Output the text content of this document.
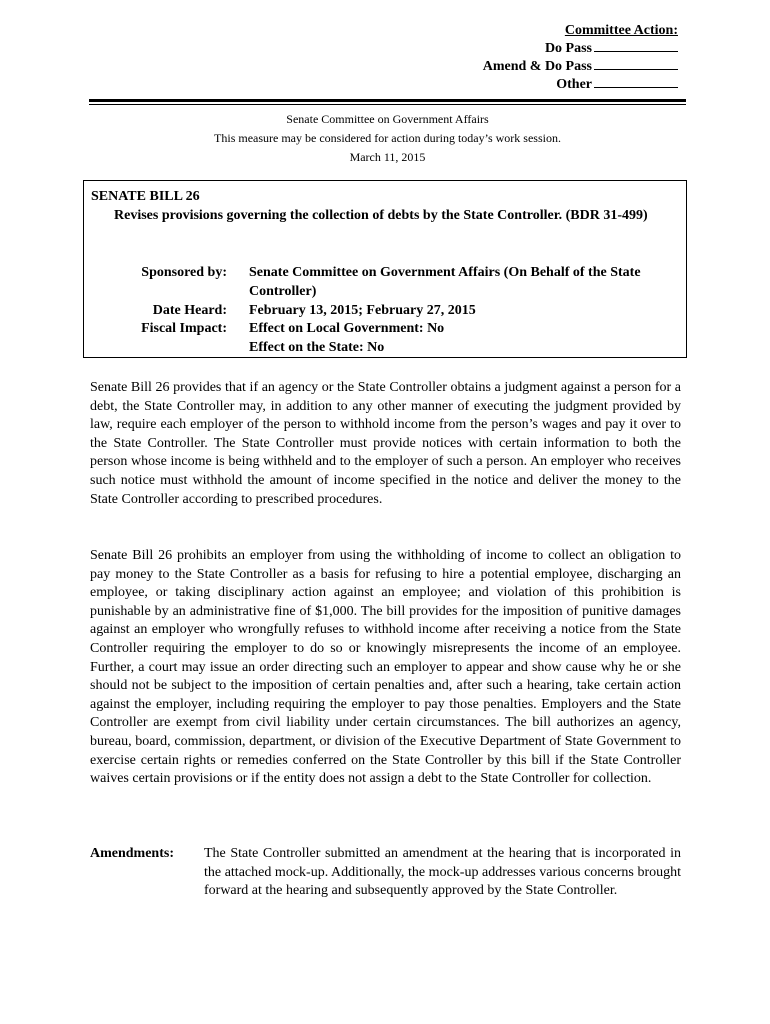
Committee Action:
Do Pass
Amend & Do Pass
Other
Senate Committee on Government Affairs
This measure may be considered for action during today’s work session.
March 11, 2015
SENATE BILL 26
Revises provisions governing the collection of debts by the State Controller. (BDR 31-499)
Sponsored by: Senate Committee on Government Affairs (On Behalf of the State Controller)
Date Heard: February 13, 2015; February 27, 2015
Fiscal Impact: Effect on Local Government: No
Effect on the State: No
Senate Bill 26 provides that if an agency or the State Controller obtains a judgment against a person for a debt, the State Controller may, in addition to any other manner of executing the judgment provided by law, require each employer of the person to withhold income from the person’s wages and pay it over to the State Controller. The State Controller must provide notices with certain information to both the person whose income is being withheld and to the employer of such a person. An employer who receives such notice must withhold the amount of income specified in the notice and deliver the money to the State Controller according to prescribed procedures.
Senate Bill 26 prohibits an employer from using the withholding of income to collect an obligation to pay money to the State Controller as a basis for refusing to hire a potential employee, discharging an employee, or taking disciplinary action against an employee; and violation of this prohibition is punishable by an administrative fine of $1,000. The bill provides for the imposition of punitive damages against an employer who wrongfully refuses to withhold income after receiving a notice from the State Controller requiring the employer to do so or knowingly misrepresents the income of an employee. Further, a court may issue an order directing such an employer to appear and show cause why he or she should not be subject to the imposition of certain penalties and, after such a hearing, take certain action against the employer, including requiring the employer to pay those penalties. Employers and the State Controller are exempt from civil liability under certain circumstances. The bill authorizes an agency, bureau, board, commission, department, or division of the Executive Department of State Government to exercise certain rights or remedies conferred on the State Controller by this bill if the State Controller waives certain provisions or if the entity does not assign a debt to the State Controller for collection.
Amendments: The State Controller submitted an amendment at the hearing that is incorporated in the attached mock-up. Additionally, the mock-up addresses various concerns brought forward at the hearing and subsequently approved by the State Controller.
